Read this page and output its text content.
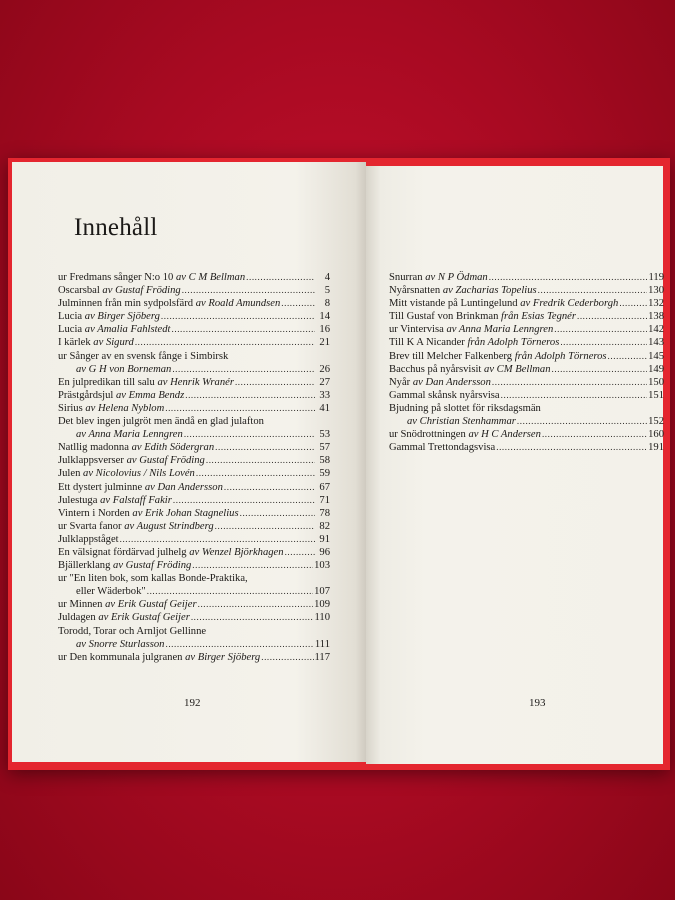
Innehåll
ur Fredmans sånger N:o 10 av C M Bellman .....	4
Oscarsbal av Gustaf Fröding .....	5
Julminnen från min sydpolsfärd av Roald Amundsen .....	8
Lucia av Birger Sjöberg .....	14
Lucia av Amalia Fahlstedt .....	16
I kärlek av Sigurd .....	21
ur Sånger av en svensk fånge i Simbirsk
av G H von Borneman .....	26
En julpredikan till salu av Henrik Wranér .....	27
Prästgårdsjul av Emma Bendz .....	33
Sirius av Helena Nyblom .....	41
Det blev ingen julgröt men ändå en glad julafton
av Anna Maria Lenngren .....	53
Natllig madonna av Edith Södergran .....	57
Julklappsverser av Gustaf Fröding .....	58
Julen av Nicolovius / Nils Lovén .....	59
Ett dystert julminne av Dan Andersson .....	67
Julestuga av Falstaff Fakir .....	71
Vintern i Norden av Erik Johan Stagnelius .....	78
ur Svarta fanor av August Strindberg .....	82
Julklappståget .....	91
En välsignat fördärvad julhelg av Wenzel Björkhagen .....	96
Bjällerklang av Gustaf Fröding .....	103
ur "En liten bok, som kallas Bonde-Praktika,
eller Wäderbok" .....	107
ur Minnen av Erik Gustaf Geijer .....	109
Juldagen av Erik Gustaf Geijer .....	110
Torodd, Torar och Arnljot Gellinne
av Snorre Sturlasson .....	111
ur Den kommunala julgranen av Birger Sjöberg .....	117
Snurran av N P Ödman .....	119
Nyårsnatten av Zacharias Topelius .....	130
Mitt vistande på Luntingelund av Fredrik Cederborgh .....	132
Till Gustaf von Brinkman från Esias Tegnér .....	138
ur Vintervisa av Anna Maria Lenngren .....	142
Till K A Nicander från Adolph Törneros .....	143
Brev till Melcher Falkenberg från Adolph Törneros .....	145
Bacchus på nyårsvisit av CM Bellman .....	149
Nyår av Dan Andersson .....	150
Gammal skånsk nyårsvisa .....	151
Bjudning på slottet för riksdagsmän
av Christian Stenhammar .....	152
ur Snödrottningen av H C Andersen .....	160
Gammal Trettondagsvisa .....	191
192	193
